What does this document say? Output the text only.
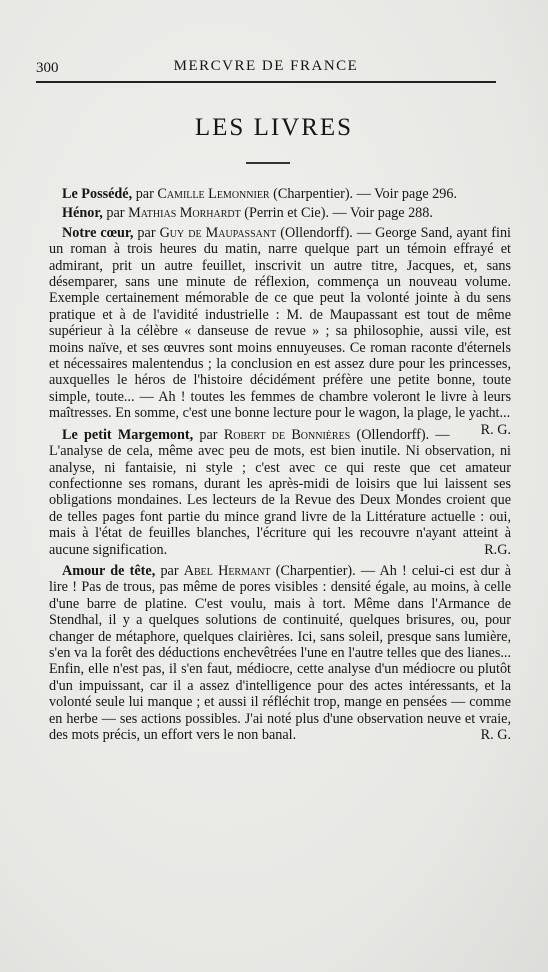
300	MERCVRE DE FRANCE
LES LIVRES

Le Possédé, par Camille Lemonnier (Charpentier). — Voir page 296.

Hénor, par Mathias Morhardt (Perrin et Cie). — Voir page 288.

Notre cœur, par Guy de Maupassant (Ollendorff). — George Sand, ayant fini un roman à trois heures du matin, narre quelque part un témoin effrayé et admirant, prit un autre feuillet, inscrivit un autre titre, Jacques, et, sans désemparer, sans une minute de réflexion, commença un nouveau volume. Exemple certainement mémorable de ce que peut la volonté jointe à du sens pratique et à de l'avidité industrielle : M. de Maupassant est tout de même supérieur à la célèbre « danseuse de revue » ; sa philosophie, aussi vile, est moins naïve, et ses œuvres sont moins ennuyeuses. Ce roman raconte d'éternels et nécessaires malentendus ; la conclusion en est assez dure pour les princesses, auxquelles le héros de l'histoire décidément préfère une petite bonne, toute simple, toute... — Ah ! toutes les femmes de chambre voleront le livre à leurs maîtresses. En somme, c'est une bonne lecture pour le wagon, la plage, le yacht...
R. G.

Le petit Margemont, par Robert de Bonnières (Ollendorff). — L'analyse de cela, même avec peu de mots, est bien inutile. Ni observation, ni analyse, ni fantaisie, ni style ; c'est avec ce qui reste que cet amateur confectionne ses romans, durant les après-midi de loisirs que lui laissent ses obligations mondaines. Les lecteurs de la Revue des Deux Mondes croient que de telles pages font partie du mince grand livre de la Littérature actuelle : oui, mais à l'état de feuilles blanches, l'écriture qui les recouvre n'ayant atteint à aucune signification.	R.G.

Amour de tête, par Abel Hermant (Charpentier). — Ah ! celui-ci est dur à lire ! Pas de trous, pas même de pores visibles : densité égale, au moins, à celle d'une barre de platine. C'est voulu, mais à tort. Même dans l'Armance de Stendhal, il y a quelques solutions de continuité, quelques brisures, ou, pour changer de métaphore, quelques clairières. Ici, sans soleil, presque sans lumière, s'en va la forêt des déductions enchevêtrées l'une en l'autre telles que des lianes... Enfin, elle n'est pas, il s'en faut, médiocre, cette analyse d'un médiocre ou plutôt d'un impuissant, car il a assez d'intelligence pour des actes intéressants, et la volonté seule lui manque ; et aussi il réfléchit trop, mange en pensées — comme en herbe — ses actions possibles. J'ai noté plus d'une observation neuve et vraie, des mots précis, un effort vers le non banal.	R. G.
